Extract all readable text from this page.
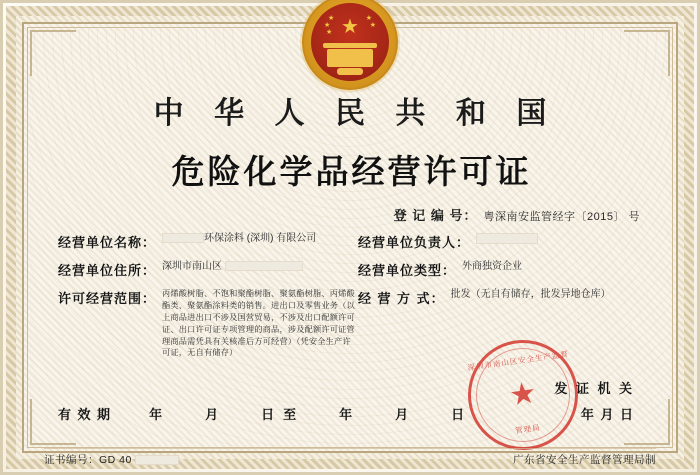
★
★
★
★
★
★
中 华 人 民 共 和 国
危险化学品经营许可证
登 记 编 号： 粤深南安监管经字〔2015〕 号
经营单位名称：	环保涂料 (深圳) 有限公司	经营单位负责人：
经营单位住所： 深圳市南山区	经营单位类型： 外商独资企业
许可经营范围： 丙烯酸树脂、不饱和聚酯树脂、聚氨酯树脂、丙烯酸酯类、聚氨酯涂料类的销售。进出口及零售业务（以上商品进出口不涉及国营贸易，不涉及出口配额许可证、出口许可证专项管理的商品，涉及配额许可证管理商品需凭具有关核准后方可经营）（凭安全生产许可证，无自有储存）
经 营 方 式： 批发（无自有储存，批发异地仓库）
深圳市南山区安全生产监督
★
管理局
发 证 机 关
有 效 期	年	月	日 至	年	月	日	年 月 日
证书编号：GD 40	广东省安全生产监督管理局制
